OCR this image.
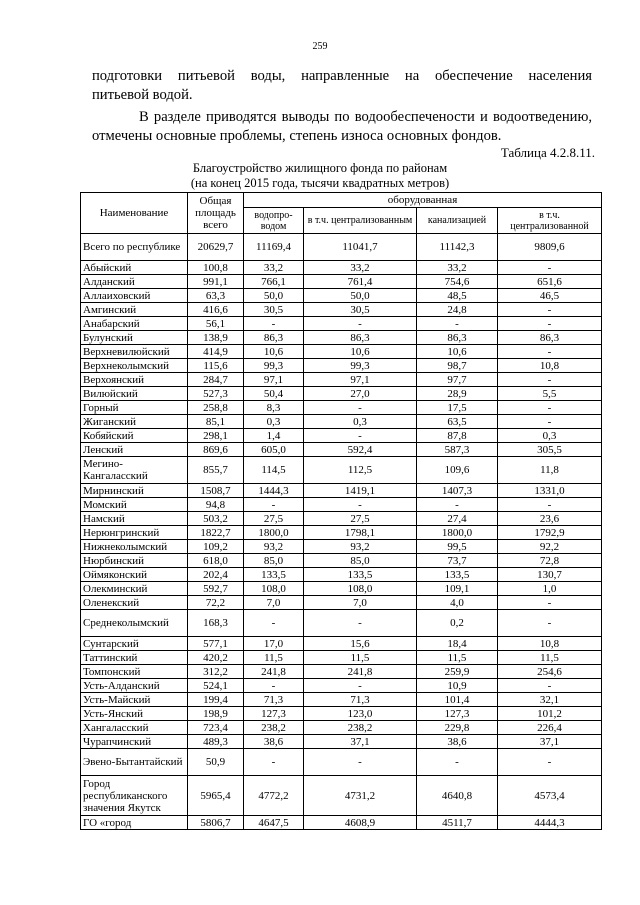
259
подготовки питьевой воды, направленные на обеспечение населения
питьевой водой.
В разделе приводятся выводы по водообеспечености и водоотведению,
отмечены основные проблемы, степень износа основных фондов.
Таблица 4.2.8.11.
Благоустройство жилищного фонда по районам
(на конец 2015 года, тысячи квадратных метров)
Наименование	Общая площадь всего	оборудованная			
		водопро-водом	в т.ч. централизованным	канализацией	в т.ч. централизованной
Всего по республике	20629,7	11169,4	11041,7	11142,3	9809,6
Абыйский	100,8	33,2	33,2	33,2	-
Алданский	991,1	766,1	761,4	754,6	651,6
Аллаиховский	63,3	50,0	50,0	48,5	46,5
Амгинский	416,6	30,5	30,5	24,8	-
Анабарский	56,1	-	-	-	-
Булунский	138,9	86,3	86,3	86,3	86,3
Верхневилюйский	414,9	10,6	10,6	10,6	-
Верхнеколымский	115,6	99,3	99,3	98,7	10,8
Верхоянский	284,7	97,1	97,1	97,7	-
Вилюйский	527,3	50,4	27,0	28,9	5,5
Горный	258,8	8,3	-	17,5	-
Жиганский	85,1	0,3	0,3	63,5	-
Кобяйский	298,1	1,4	-	87,8	0,3
Ленский	869,6	605,0	592,4	587,3	305,5
Мегино-Кангаласский	855,7	114,5	112,5	109,6	11,8
Мирнинский	1508,7	1444,3	1419,1	1407,3	1331,0
Момский	94,8	-	-	-	-
Намский	503,2	27,5	27,5	27,4	23,6
Нерюнгринский	1822,7	1800,0	1798,1	1800,0	1792,9
Нижнеколымский	109,2	93,2	93,2	99,5	92,2
Нюрбинский	618,0	85,0	85,0	73,7	72,8
Оймяконский	202,4	133,5	133,5	133,5	130,7
Олекминский	592,7	108,0	108,0	109,1	1,0
Оленекский	72,2	7,0	7,0	4,0	-
Среднеколымский	168,3	-	-	0,2	-
Сунтарский	577,1	17,0	15,6	18,4	10,8
Таттинский	420,2	11,5	11,5	11,5	11,5
Томпонский	312,2	241,8	241,8	259,9	254,6
Усть-Алданский	524,1	-	-	10,9	-
Усть-Майский	199,4	71,3	71,3	101,4	32,1
Усть-Янский	198,9	127,3	123,0	127,3	101,2
Хангаласский	723,4	238,2	238,2	229,8	226,4
Чурапчинский	489,3	38,6	37,1	38,6	37,1
Эвено-Бытантайский	50,9	-	-	-	-
Город республиканского значения Якутск	5965,4	4772,2	4731,2	4640,8	4573,4
ГО «город	5806,7	4647,5	4608,9	4511,7	4444,3
